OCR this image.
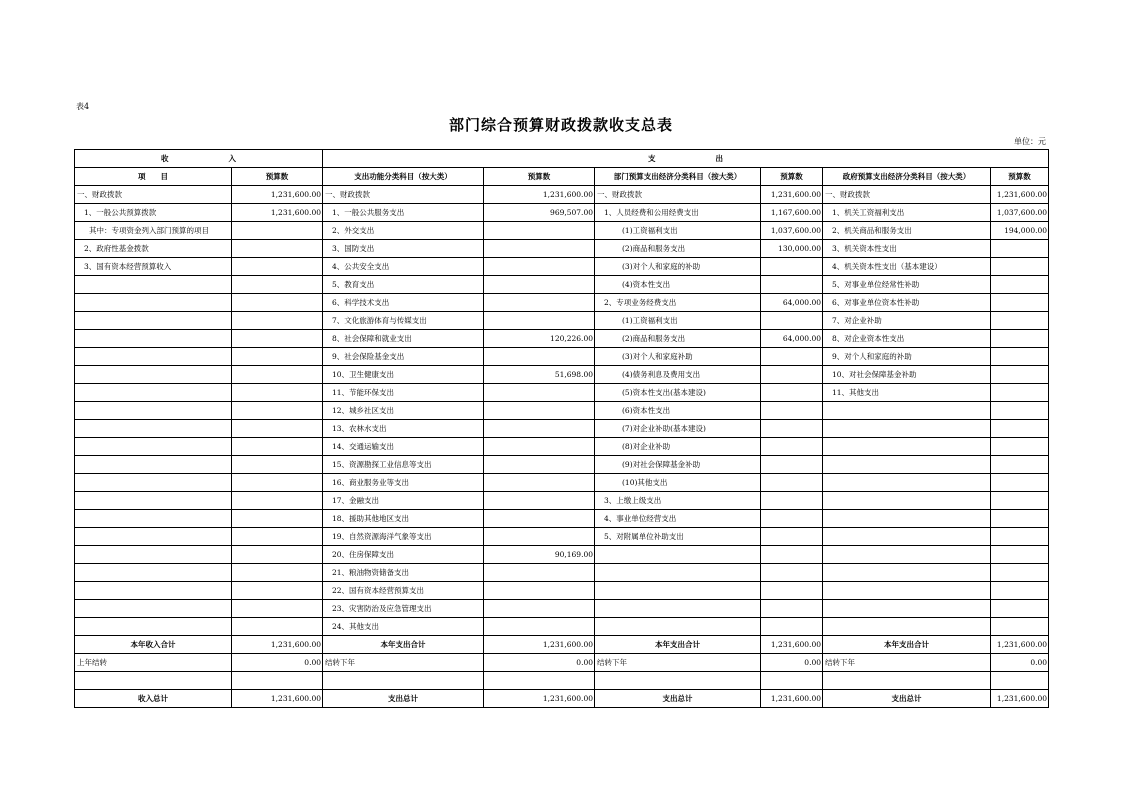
表4
部门综合预算财政拨款收支总表
单位：元
收　　　　　　　　入		支　　　　　　　　出					
项　　目	预算数	支出功能分类科目（按大类）	预算数	部门预算支出经济分类科目（按大类）	预算数	政府预算支出经济分类科目（按大类）	预算数
一、财政拨款	1,231,600.00	一、财政拨款	1,231,600.00	一、财政拨款	1,231,600.00	一、财政拨款	1,231,600.00
1、一般公共预算拨款	1,231,600.00	1、一般公共服务支出	969,507.00	1、人员经费和公用经费支出	1,167,600.00	1、机关工资福利支出	1,037,600.00
其中：专项资金列入部门预算的项目		2、外交支出		(1)工资福利支出	1,037,600.00	2、机关商品和服务支出	194,000.00
2、政府性基金拨款		3、国防支出		(2)商品和服务支出	130,000.00	3、机关资本性支出	
3、国有资本经营预算收入		4、公共安全支出		(3)对个人和家庭的补助		4、机关资本性支出（基本建设）	
		5、教育支出		(4)资本性支出		5、对事业单位经常性补助	
		6、科学技术支出		2、专项业务经费支出	64,000.00	6、对事业单位资本性补助	
		7、文化旅游体育与传媒支出		(1)工资福利支出		7、对企业补助	
		8、社会保障和就业支出	120,226.00	(2)商品和服务支出	64,000.00	8、对企业资本性支出	
		9、社会保险基金支出		(3)对个人和家庭补助		9、对个人和家庭的补助	
		10、卫生健康支出	51,698.00	(4)债务利息及费用支出		10、对社会保障基金补助	
		11、节能环保支出		(5)资本性支出(基本建设)		11、其他支出	
		12、城乡社区支出		(6)资本性支出			
		13、农林水支出		(7)对企业补助(基本建设)			
		14、交通运输支出		(8)对企业补助			
		15、资源勘探工业信息等支出		(9)对社会保障基金补助			
		16、商业服务业等支出		(10)其他支出			
		17、金融支出		3、上缴上级支出			
		18、援助其他地区支出		4、事业单位经营支出			
		19、自然资源海洋气象等支出		5、对附属单位补助支出			
		20、住房保障支出	90,169.00				
		21、粮油物资储备支出					
		22、国有资本经营预算支出					
		23、灾害防治及应急管理支出					
		24、其他支出					
本年收入合计	1,231,600.00	本年支出合计	1,231,600.00	本年支出合计	1,231,600.00	本年支出合计	1,231,600.00
上年结转	0.00	结转下年	0.00	结转下年	0.00	结转下年	0.00

收入总计	1,231,600.00	支出总计	1,231,600.00	支出总计	1,231,600.00	支出总计	1,231,600.00
